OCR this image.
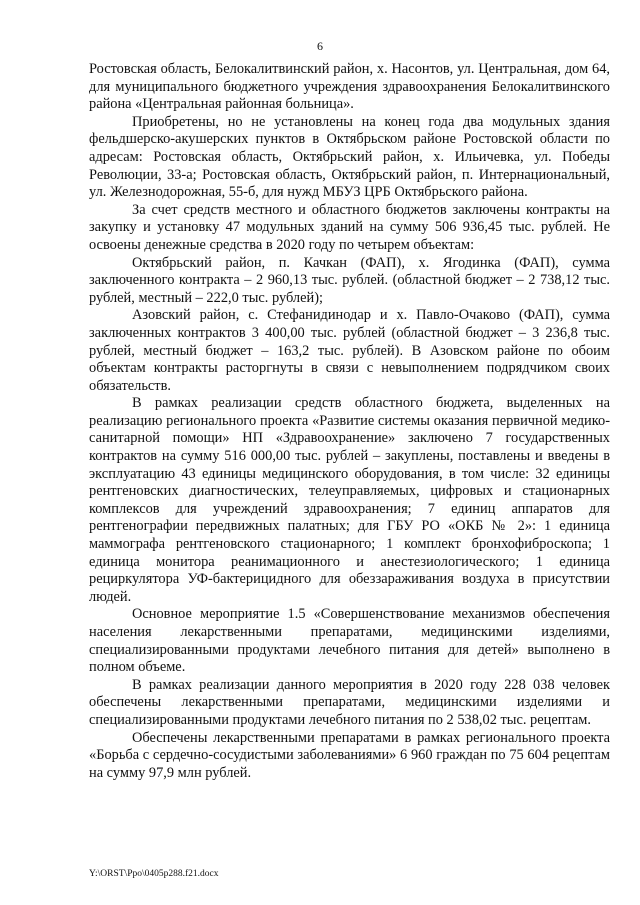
6

Ростовская область, Белокалитвинский район, х. Насонтов, ул. Центральная, дом 64, для муниципального бюджетного учреждения здравоохранения Белокалитвинского района «Центральная районная больница».

Приобретены, но не установлены на конец года два модульных здания фельдшерско-акушерских пунктов в Октябрьском районе Ростовской области по адресам: Ростовская область, Октябрьский район, х. Ильичевка, ул. Победы Революции, 33-а; Ростовская область, Октябрьский район, п. Интернациональный, ул. Железнодорожная, 55-б, для нужд МБУЗ ЦРБ Октябрьского района.

За счет средств местного и областного бюджетов заключены контракты на закупку и установку 47 модульных зданий на сумму 506 936,45 тыс. рублей. Не освоены денежные средства в 2020 году по четырем объектам:

Октябрьский район, п. Качкан (ФАП), х. Ягодинка (ФАП), сумма заключенного контракта – 2 960,13 тыс. рублей. (областной бюджет – 2 738,12 тыс. рублей, местный – 222,0 тыс. рублей);

Азовский район, с. Стефанидинодар и х. Павло-Очаково (ФАП), сумма заключенных контрактов 3 400,00 тыс. рублей (областной бюджет – 3 236,8 тыс. рублей, местный бюджет – 163,2 тыс. рублей). В Азовском районе по обоим объектам контракты расторгнуты в связи с невыполнением подрядчиком своих обязательств.

В рамках реализации средств областного бюджета, выделенных на реализацию регионального проекта «Развитие системы оказания первичной медико-санитарной помощи» НП «Здравоохранение» заключено 7 государственных контрактов на сумму 516 000,00 тыс. рублей – закуплены, поставлены и введены в эксплуатацию 43 единицы медицинского оборудования, в том числе: 32 единицы рентгеновских диагностических, телеуправляемых, цифровых и стационарных комплексов для учреждений здравоохранения; 7 единиц аппаратов для рентгенографии передвижных палатных; для ГБУ РО «ОКБ № 2»: 1 единица маммографа рентгеновского стационарного; 1 комплект бронхофиброскопа; 1 единица монитора реанимационного и анестезиологического; 1 единица рециркулятора УФ-бактерицидного для обеззараживания воздуха в присутствии людей.

Основное мероприятие 1.5 «Совершенствование механизмов обеспечения населения лекарственными препаратами, медицинскими изделиями, специализированными продуктами лечебного питания для детей» выполнено в полном объеме.

В рамках реализации данного мероприятия в 2020 году 228 038 человек обеспечены лекарственными препаратами, медицинскими изделиями и специализированными продуктами лечебного питания по 2 538,02 тыс. рецептам.

Обеспечены лекарственными препаратами в рамках регионального проекта «Борьба с сердечно-сосудистыми заболеваниями» 6 960 граждан по 75 604 рецептам на сумму 97,9 млн рублей.

Y:\ORST\Ppo\0405p288.f21.docx
